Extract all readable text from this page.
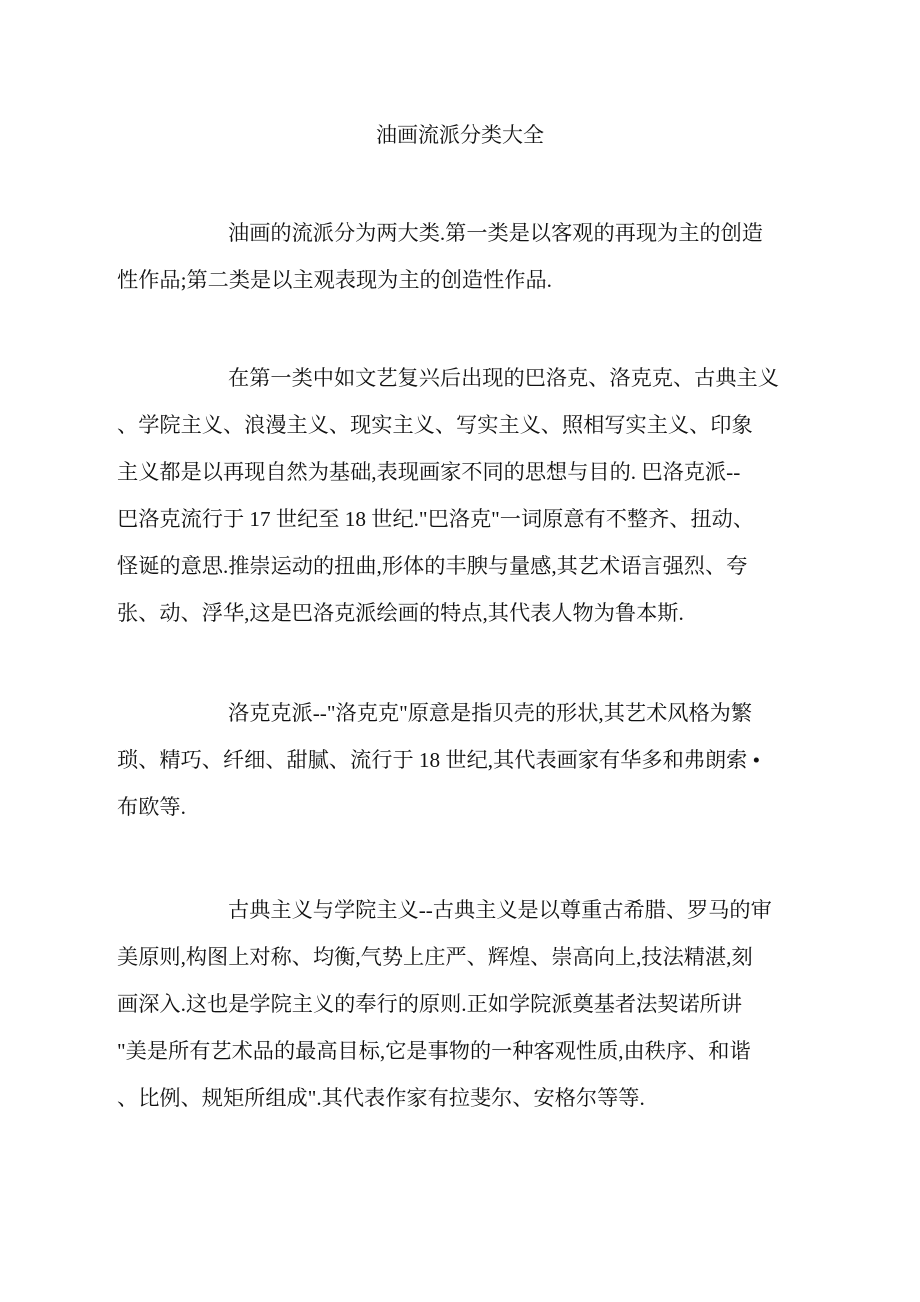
油画流派分类大全
油画的流派分为两大类.第一类是以客观的再现为主的创造
性作品;第二类是以主观表现为主的创造性作品.
在第一类中如文艺复兴后出现的巴洛克、洛克克、古典主义
、学院主义、浪漫主义、现实主义、写实主义、照相写实主义、印象
主义都是以再现自然为基础,表现画家不同的思想与目的. 巴洛克派--
巴洛克流行于 17 世纪至 18 世纪."巴洛克"一词原意有不整齐、扭动、
怪诞的意思.推崇运动的扭曲,形体的丰腴与量感,其艺术语言强烈、夸
张、动、浮华,这是巴洛克派绘画的特点,其代表人物为鲁本斯.
洛克克派--"洛克克"原意是指贝壳的形状,其艺术风格为繁
琐、精巧、纤细、甜腻、流行于 18 世纪,其代表画家有华多和弗朗索 •
布欧等.
古典主义与学院主义--古典主义是以尊重古希腊、罗马的审
美原则,构图上对称、均衡,气势上庄严、辉煌、崇高向上,技法精湛,刻
画深入.这也是学院主义的奉行的原则.正如学院派奠基者法契诺所讲
"美是所有艺术品的最高目标,它是事物的一种客观性质,由秩序、和谐
、比例、规矩所组成".其代表作家有拉斐尔、安格尔等等.
